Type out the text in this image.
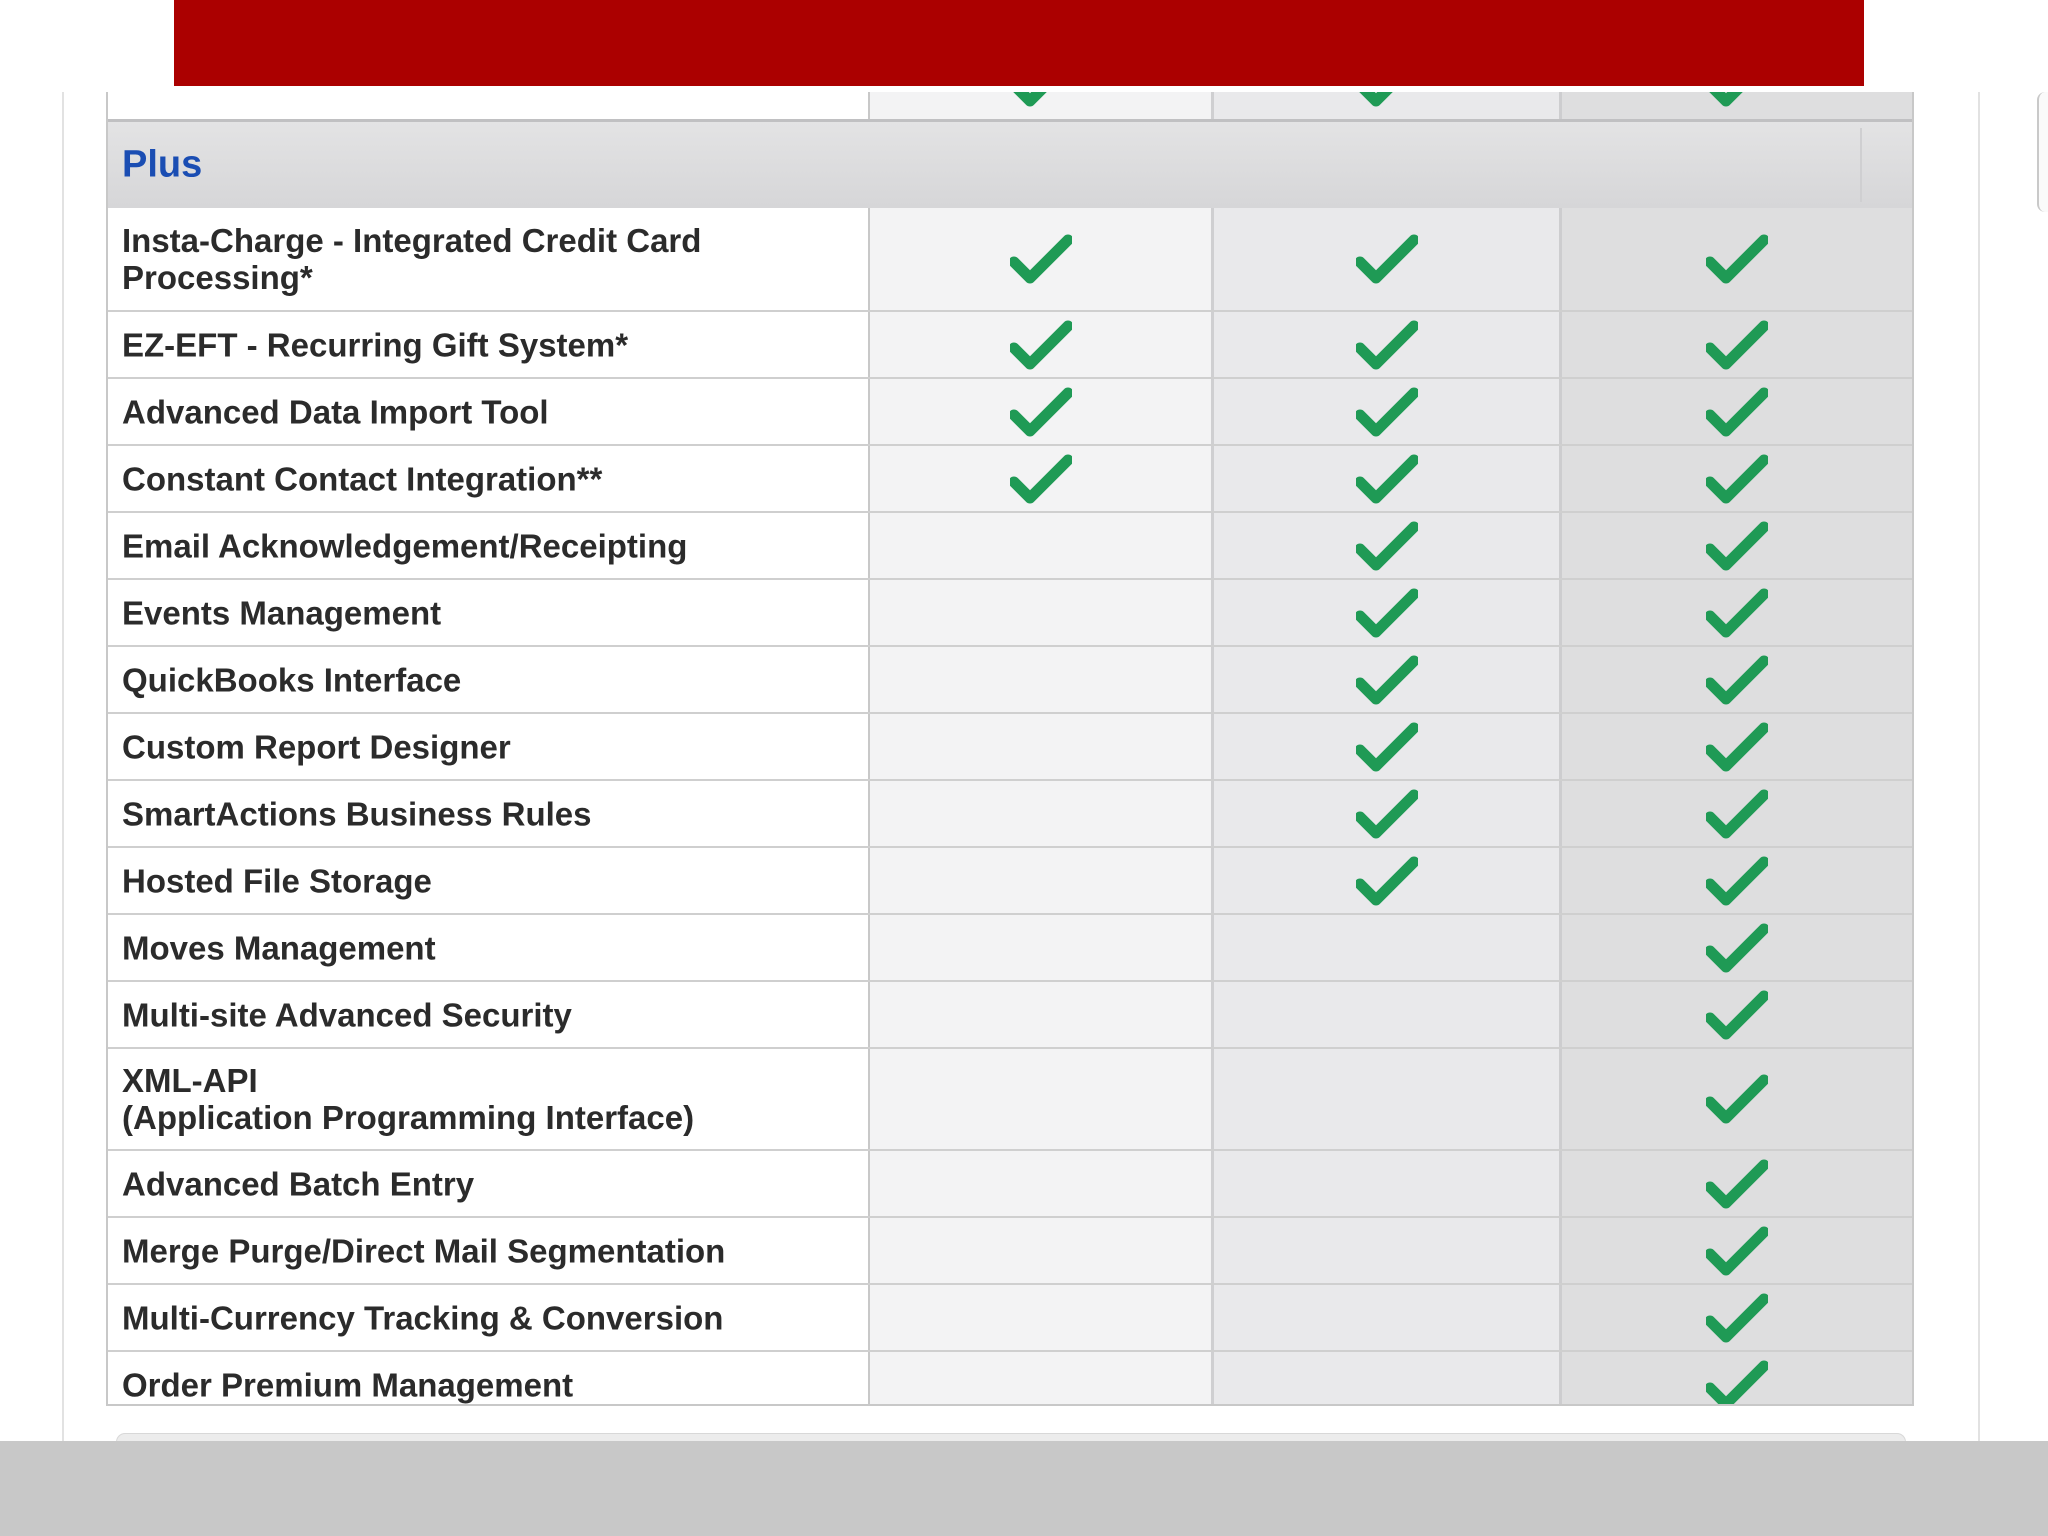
Plus
Insta-Charge - Integrated Credit Card
Processing*
EZ-EFT - Recurring Gift System*
Advanced Data Import Tool
Constant Contact Integration**
Email Acknowledgement/Receipting
Events Management
QuickBooks Interface
Custom Report Designer
SmartActions Business Rules
Hosted File Storage
Moves Management
Multi-site Advanced Security
XML-API
(Application Programming Interface)
Advanced Batch Entry
Merge Purge/Direct Mail Segmentation
Multi-Currency Tracking & Conversion
Order Premium Management
